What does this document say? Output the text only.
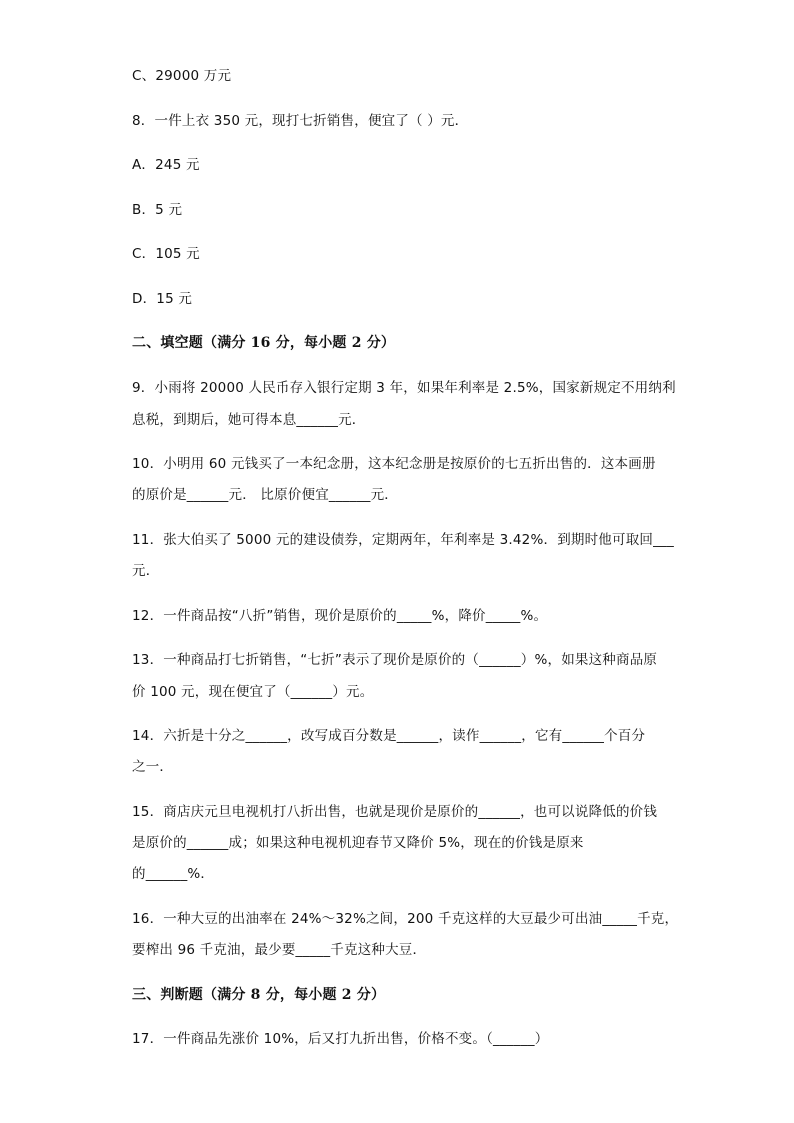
C、29000 万元
8．一件上衣 350 元，现打七折销售，便宜了（ ）元．
A．245 元
B．5 元
C．105 元
D．15 元
二、填空题（满分 16 分，每小题 2 分）
9．小雨将 20000 人民币存入银行定期 3 年，如果年利率是 2.5%，国家新规定不用纳利
息税，到期后，她可得本息______元．
10．小明用 60 元钱买了一本纪念册，这本纪念册是按原价的七五折出售的．这本画册
的原价是______元． 比原价便宜______元．
11．张大伯买了 5000 元的建设债券，定期两年，年利率是 3.42%．到期时他可取回___
元．
12．一件商品按“八折”销售，现价是原价的_____%，降价_____%。
13．一种商品打七折销售，“七折”表示了现价是原价的（______）%，如果这种商品原
价 100 元，现在便宜了（______）元。
14．六折是十分之______，改写成百分数是______，读作______，它有______个百分
之一．
15．商店庆元旦电视机打八折出售，也就是现价是原价的______，也可以说降低的价钱
是原价的______成；如果这种电视机迎春节又降价 5%，现在的价钱是原来
的______%．
16．一种大豆的出油率在 24%～32%之间，200 千克这样的大豆最少可出油_____千克，
要榨出 96 千克油，最少要_____千克这种大豆．
三、判断题（满分 8 分，每小题 2 分）
17．一件商品先涨价 10%，后又打九折出售，价格不变。（______）
